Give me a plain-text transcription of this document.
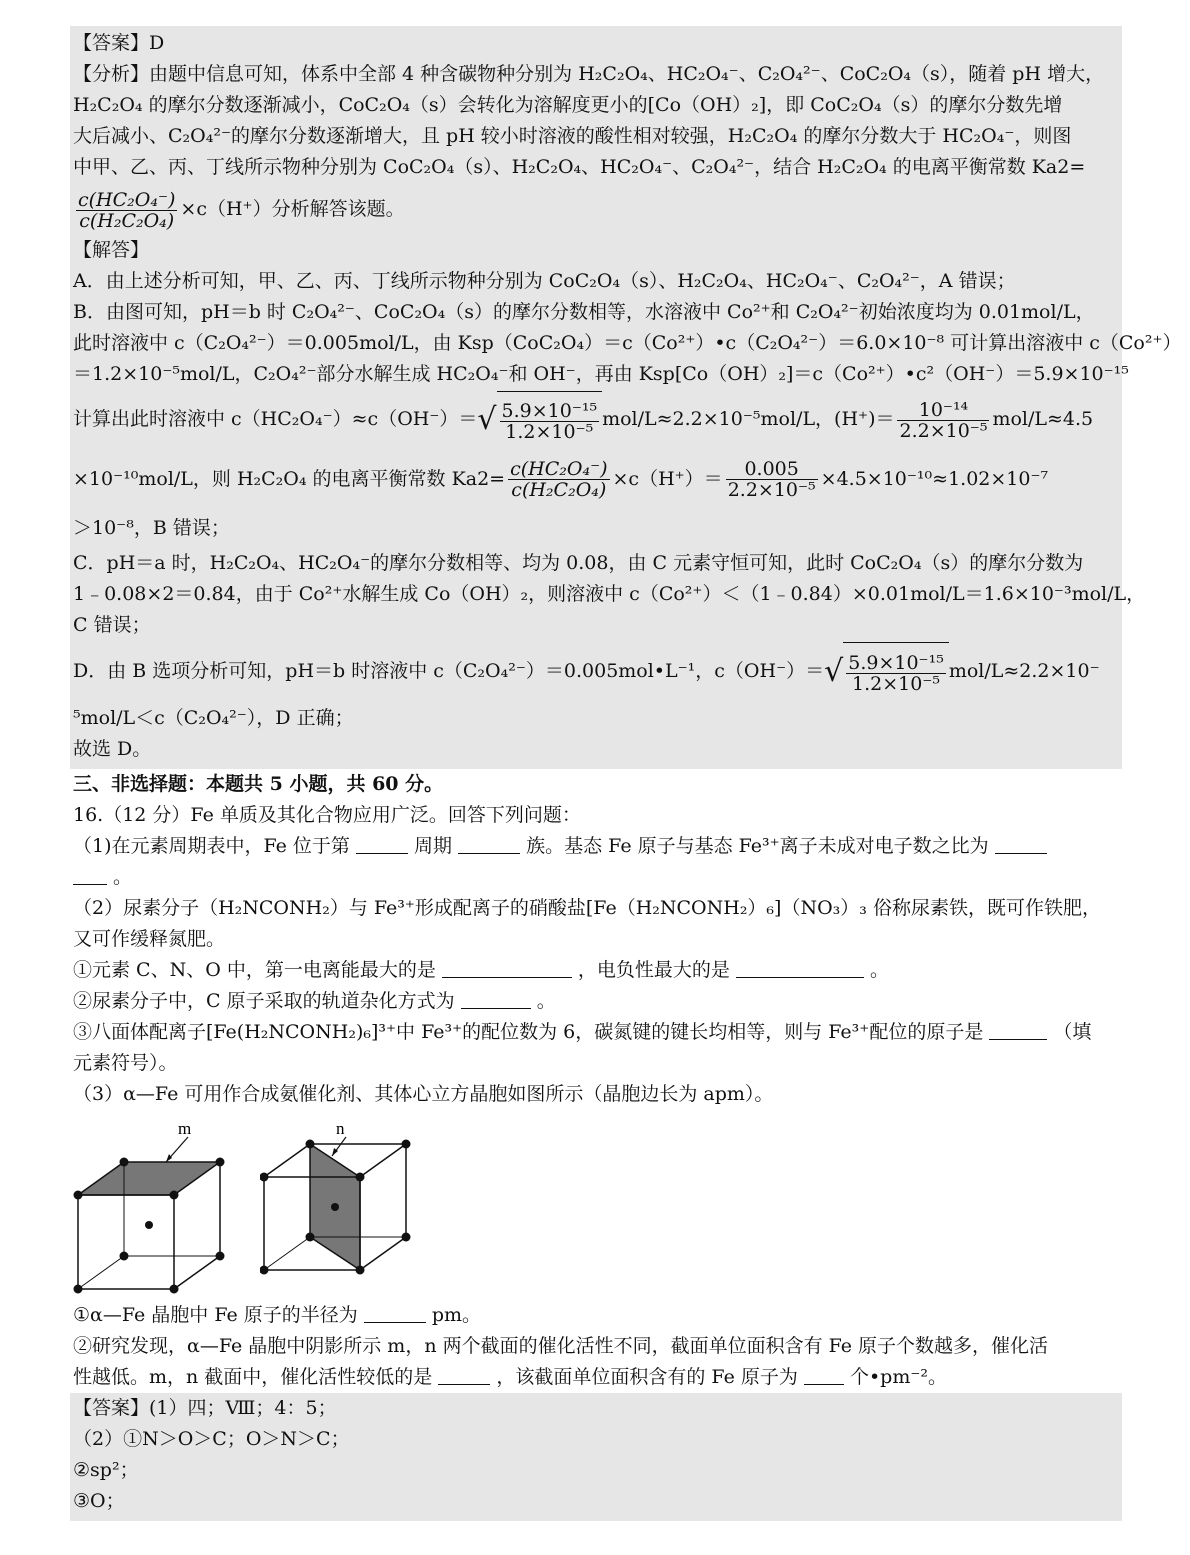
【答案】D
【分析】由题中信息可知，体系中全部 4 种含碳物种分别为 H₂C₂O₄、HC₂O₄⁻、C₂O₄²⁻、CoC₂O₄（s），随着 pH 增大，
H₂C₂O₄ 的摩尔分数逐渐减小，CoC₂O₄（s）会转化为溶解度更小的[Co（OH）₂]，即 CoC₂O₄（s）的摩尔分数先增
大后减小、C₂O₄²⁻的摩尔分数逐渐增大，且 pH 较小时溶液的酸性相对较强，H₂C₂O₄ 的摩尔分数大于 HC₂O₄⁻，则图
中甲、乙、丙、丁线所示物种分别为 CoC₂O₄（s）、H₂C₂O₄、HC₂O₄⁻、C₂O₄²⁻，结合 H₂C₂O₄ 的电离平衡常数 Ka2=
$\frac{\text{c(HC₂O₄⁻)}}{\text{c(H₂C₂O₄)}} \times c(H^+)$分析解答该题。
【解答】
A．由上述分析可知，甲、乙、丙、丁线所示物种分别为 CoC₂O₄（s）、H₂C₂O₄、HC₂O₄⁻、C₂O₄²⁻，A 错误；
B．由图可知，pH＝b 时 C₂O₄²⁻、CoC₂O₄（s）的摩尔分数相等，水溶液中 Co²⁺和 C₂O₄²⁻初始浓度均为 0.01mol/L，
此时溶液中 c（C₂O₄²⁻）＝0.005mol/L，由 Ksp（CoC₂O₄）＝c（Co²⁺）•c（C₂O₄²⁻）＝6.0×10⁻⁸ 可计算出溶液中 c（Co²⁺）
＝1.2×10⁻⁵mol/L，C₂O₄²⁻部分水解生成 HC₂O₄⁻和 OH⁻，再由 Ksp[Co（OH）₂]＝c（Co²⁺）•c²（OH⁻）＝5.9×10⁻¹⁵
计算出此时溶液中 $c(HC_2O_4^-)\approx c(OH^-)=√ \frac{\text{5.9×10⁻¹⁵}}{\text{1.2×10⁻⁵}} mol/L\approx 2.2\times 10^{-5}mol/L$，$(H^+)= \frac{\text{10⁻¹⁴}}{\text{2.2×10⁻⁵}} mol/L\approx 4.5$
×10⁻¹⁰mol/L，则 H₂C₂O₄ 的电离平衡常数 $Ka2= \frac{\text{c(HC₂O₄⁻)}}{\text{c(H₂C₂O₄)}} \times c(H^+)= \frac{0.005}{\text{2.2×10⁻⁵}} \times 4.5\times 10^{-10}\approx 1.02\times 10^{-7}$
＞10⁻⁸，B 错误；
C．pH＝a 时，H₂C₂O₄、HC₂O₄⁻的摩尔分数相等、均为 0.08，由 C 元素守恒可知，此时 CoC₂O₄（s）的摩尔分数为
1﹣0.08×2＝0.84，由于 Co²⁺水解生成 Co（OH）₂，则溶液中 c（Co²⁺）＜（1﹣0.84）×0.01mol/L＝1.6×10⁻³mol/L，
C 错误；
D．由 B 选项分析可知，pH＝b 时溶液中 c（C₂O₄²⁻）＝0.005mol•L⁻¹，$c(OH^-)=√ \frac{\text{5.9×10⁻¹⁵}}{\text{1.2×10⁻⁵}} mol/L\approx 2.2\times 10^-$
⁵mol/L＜c（C₂O₄²⁻），D 正确；
故选 D。
三、非选择题：本题共 5 小题，共 60 分。
16.（12 分）Fe 单质及其化合物应用广泛。回答下列问题：
（1)在元素周期表中，Fe 位于第	周期	族。基态 Fe 原子与基态 Fe³⁺离子未成对电子数之比为
。
（2）尿素分子（H₂NCONH₂）与 Fe³⁺形成配离子的硝酸盐[Fe（H₂NCONH₂）₆]（NO₃）₃ 俗称尿素铁，既可作铁肥，
又可作缓释氮肥。
①元素 C、N、O 中，第一电离能最大的是	，电负性最大的是	。
②尿素分子中，C 原子采取的轨道杂化方式为	。
③八面体配离子[Fe(H₂NCONH₂)₆]³⁺中 Fe³⁺的配位数为 6，碳氮键的键长均相等，则与 Fe³⁺配位的原子是	（填
元素符号）。
（3）α—Fe 可用作合成氨催化剂、其体心立方晶胞如图所示（晶胞边长为 apm）。
m	n
①α—Fe 晶胞中 Fe 原子的半径为	pm。
②研究发现，α—Fe 晶胞中阴影所示 m，n 两个截面的催化活性不同，截面单位面积含有 Fe 原子个数越多，催化活
性越低。m，n 截面中，催化活性较低的是	，该截面单位面积含有的 Fe 原子为	个•pm⁻²。
【答案】(1）四；Ⅷ；4：5；
（2）①N＞O＞C；O＞N＞C；
②sp²；
③O；
